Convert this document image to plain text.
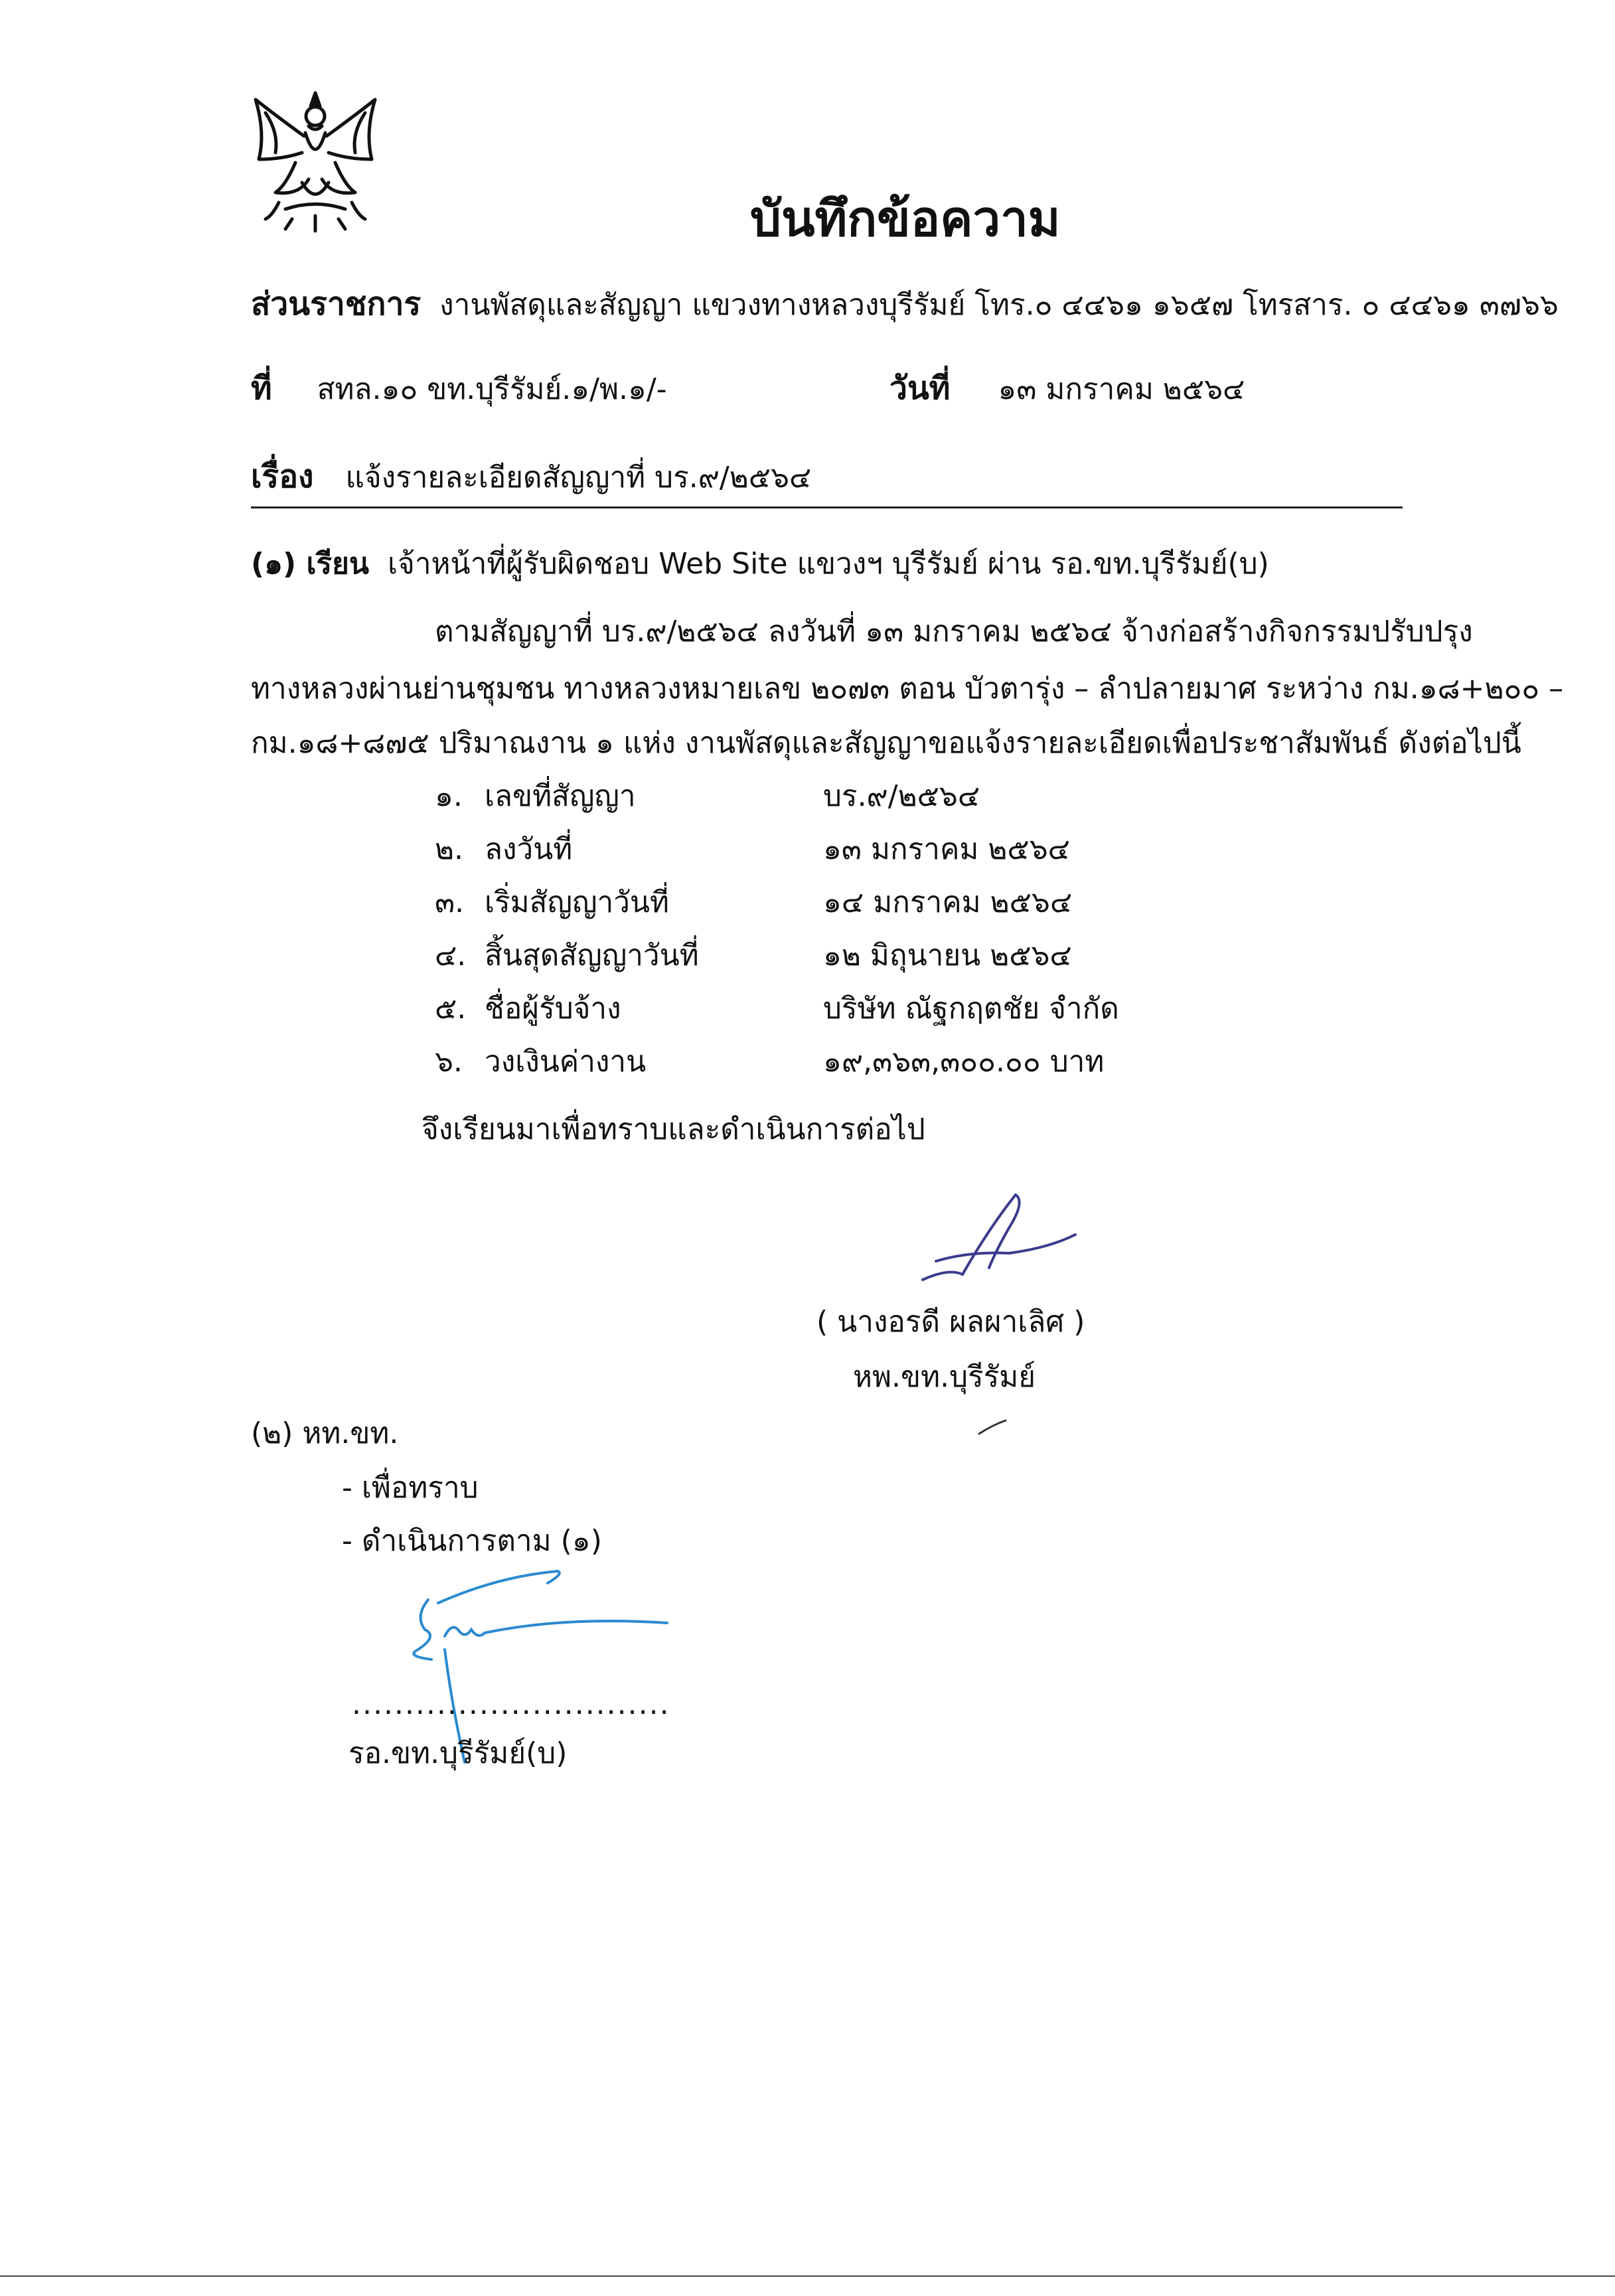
บันทึกข้อความ
ส่วนราชการ งานพัสดุและสัญญา แขวงทางหลวงบุรีรัมย์ โทร.๐ ๔๔๖๑ ๑๖๕๗ โทรสาร. ๐ ๔๔๖๑ ๓๗๖๖
ที่ สทล.๑๐ ขท.บุรีรัมย์.๑/พ.๑/-	วันที่ ๑๓ มกราคม ๒๕๖๔
เรื่อง แจ้งรายละเอียดสัญญาที่ บร.๙/๒๕๖๔
(๑) เรียน เจ้าหน้าที่ผู้รับผิดชอบ Web Site แขวงฯ บุรีรัมย์ ผ่าน รอ.ขท.บุรีรัมย์(บ)
ตามสัญญาที่ บร.๙/๒๕๖๔ ลงวันที่ ๑๓ มกราคม ๒๕๖๔ จ้างก่อสร้างกิจกรรมปรับปรุง
ทางหลวงผ่านย่านชุมชน ทางหลวงหมายเลข ๒๐๗๓ ตอน บัวตารุ่ง – ลำปลายมาศ ระหว่าง กม.๑๘+๒๐๐ –
กม.๑๘+๘๗๕ ปริมาณงาน ๑ แห่ง งานพัสดุและสัญญาขอแจ้งรายละเอียดเพื่อประชาสัมพันธ์ ดังต่อไปนี้
๑. เลขที่สัญญา	บร.๙/๒๕๖๔
๒. ลงวันที่	๑๓ มกราคม ๒๕๖๔
๓. เริ่มสัญญาวันที่	๑๔ มกราคม ๒๕๖๔
๔. สิ้นสุดสัญญาวันที่	๑๒ มิถุนายน ๒๕๖๔
๕. ชื่อผู้รับจ้าง	บริษัท ณัฐกฤตชัย จำกัด
๖. วงเงินค่างาน	๑๙,๓๖๓,๓๐๐.๐๐ บาท
จึงเรียนมาเพื่อทราบและดำเนินการต่อไป
( นางอรดี ผลผาเลิศ )
หพ.ขท.บุรีรัมย์
(๒) หท.ขท.
- เพื่อทราบ
- ดำเนินการตาม (๑)
..............................
รอ.ขท.บุรีรัมย์(บ)
